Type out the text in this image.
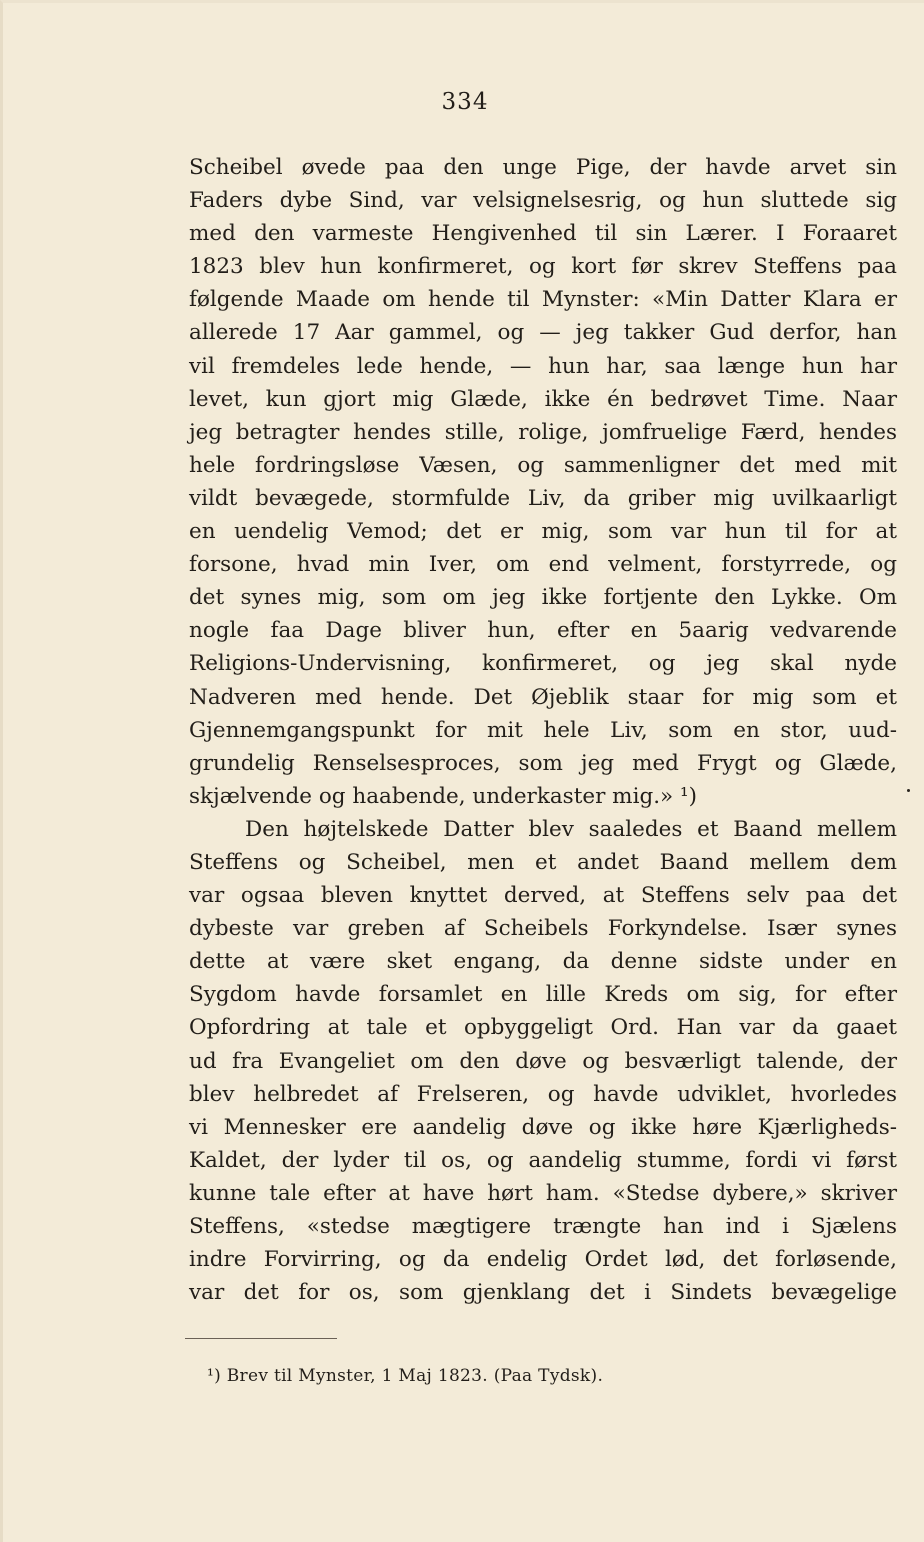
334
Scheibel øvede paa den unge Pige, der havde arvet sin
Faders dybe Sind, var velsignelsesrig, og hun sluttede sig
med den varmeste Hengivenhed til sin Lærer. I Foraaret
1823 blev hun konfirmeret, og kort før skrev Steffens paa
følgende Maade om hende til Mynster: «Min Datter Klara er
allerede 17 Aar gammel, og — jeg takker Gud derfor, han
vil fremdeles lede hende, — hun har, saa længe hun har
levet, kun gjort mig Glæde, ikke én bedrøvet Time. Naar
jeg betragter hendes stille, rolige, jomfruelige Færd, hendes
hele fordringsløse Væsen, og sammenligner det med mit
vildt bevægede, stormfulde Liv, da griber mig uvilkaarligt
en uendelig Vemod; det er mig, som var hun til for at
forsone, hvad min Iver, om end velment, forstyrrede, og
det synes mig, som om jeg ikke fortjente den Lykke. Om
nogle faa Dage bliver hun, efter en 5aarig vedvarende
Religions-Undervisning, konfirmeret, og jeg skal nyde
Nadveren med hende. Det Øjeblik staar for mig som et
Gjennemgangspunkt for mit hele Liv, som en stor, uud-
grundelig Renselsesproces, som jeg med Frygt og Glæde,
skjælvende og haabende, underkaster mig.» ¹)
Den højtelskede Datter blev saaledes et Baand mellem
Steffens og Scheibel, men et andet Baand mellem dem
var ogsaa bleven knyttet derved, at Steffens selv paa det
dybeste var greben af Scheibels Forkyndelse. Især synes
dette at være sket engang, da denne sidste under en
Sygdom havde forsamlet en lille Kreds om sig, for efter
Opfordring at tale et opbyggeligt Ord. Han var da gaaet
ud fra Evangeliet om den døve og besværligt talende, der
blev helbredet af Frelseren, og havde udviklet, hvorledes
vi Mennesker ere aandelig døve og ikke høre Kjærligheds-
Kaldet, der lyder til os, og aandelig stumme, fordi vi først
kunne tale efter at have hørt ham. «Stedse dybere,» skriver
Steffens, «stedse mægtigere trængte han ind i Sjælens
indre Forvirring, og da endelig Ordet lød, det forløsende,
var det for os, som gjenklang det i Sindets bevægelige
¹) Brev til Mynster, 1 Maj 1823. (Paa Tydsk).
